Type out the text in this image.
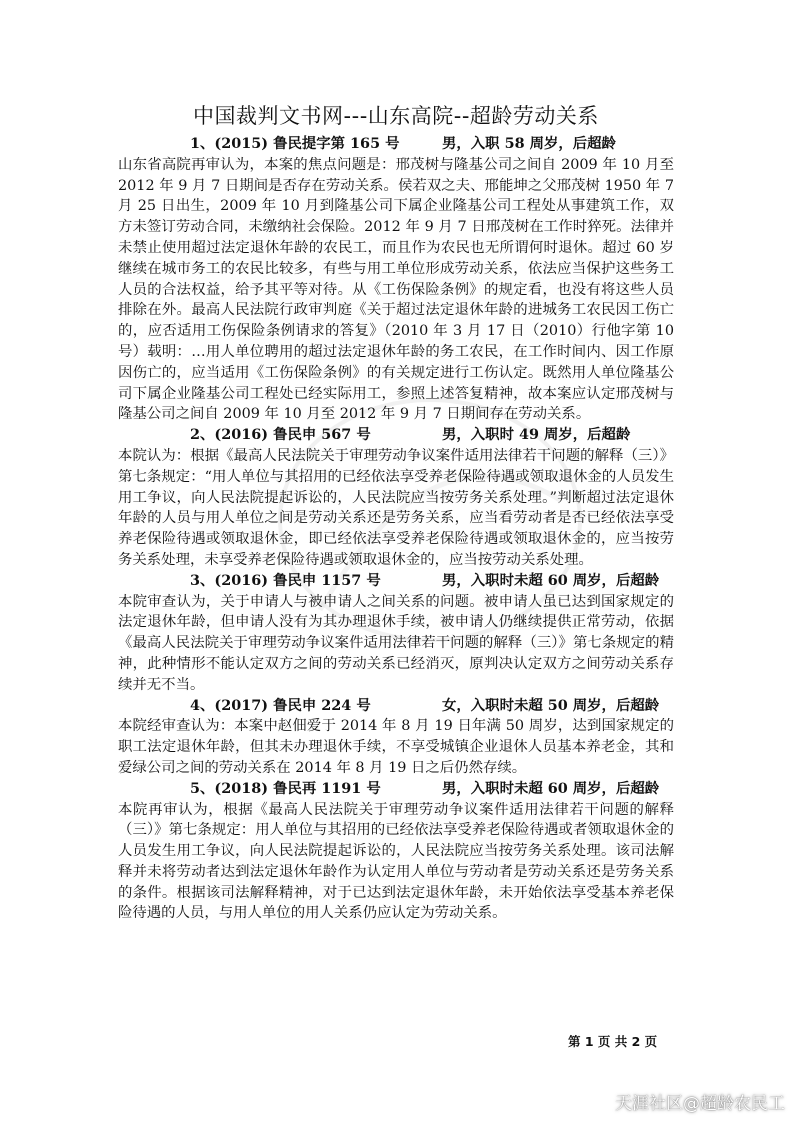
中国裁判文书网---山东高院--超龄劳动关系
1、(2015) 鲁民提字第 165 号	男，入职 58 周岁，后超龄

山东省高院再审认为，本案的焦点问题是：邢茂树与隆基公司之间自 2009 年 10 月至 2012 年 9 月 7 日期间是否存在劳动关系。侯若双之夫、邢能坤之父邢茂树 1950 年 7 月 25 日出生，2009 年 10 月到隆基公司下属企业隆基公司工程处从事建筑工作，双方未签订劳动合同，未缴纳社会保险。2012 年 9 月 7 日邢茂树在工作时猝死。法律并未禁止使用超过法定退休年龄的农民工，而且作为农民也无所谓何时退休。超过 60 岁继续在城市务工的农民比较多，有些与用工单位形成劳动关系，依法应当保护这些务工人员的合法权益，给予其平等对待。从《工伤保险条例》的规定看，也没有将这些人员排除在外。最高人民法院行政审判庭《关于超过法定退休年龄的进城务工农民因工伤亡的，应否适用工伤保险条例请求的答复》（2010 年 3 月 17 日（2010）行他字第 10 号）载明：…用人单位聘用的超过法定退休年龄的务工农民，在工作时间内、因工作原因伤亡的，应当适用《工伤保险条例》的有关规定进行工伤认定。既然用人单位隆基公司下属企业隆基公司工程处已经实际用工，参照上述答复精神，故本案应认定邢茂树与隆基公司之间自 2009 年 10 月至 2012 年 9 月 7 日期间存在劳动关系。

2、(2016) 鲁民申 567 号	男，入职时 49 周岁，后超龄

本院认为：根据《最高人民法院关于审理劳动争议案件适用法律若干问题的解释（三）》第七条规定：“用人单位与其招用的已经依法享受养老保险待遇或领取退休金的人员发生用工争议，向人民法院提起诉讼的，人民法院应当按劳务关系处理。”判断超过法定退休年龄的人员与用人单位之间是劳动关系还是劳务关系，应当看劳动者是否已经依法享受养老保险待遇或领取退休金，即已经依法享受养老保险待遇或领取退休金的，应当按劳务关系处理，未享受养老保险待遇或领取退休金的，应当按劳动关系处理。

3、(2016) 鲁民申 1157 号	男，入职时未超 60 周岁，后超龄

本院审查认为，关于申请人与被申请人之间关系的问题。被申请人虽已达到国家规定的法定退休年龄，但申请人没有为其办理退休手续，被申请人仍继续提供正常劳动，依据《最高人民法院关于审理劳动争议案件适用法律若干问题的解释（三）》第七条规定的精神，此种情形不能认定双方之间的劳动关系已经消灭，原判决认定双方之间劳动关系存续并无不当。

4、(2017) 鲁民申 224 号	女，入职时未超 50 周岁，后超龄

本院经审查认为：本案中赵佃爱于 2014 年 8 月 19 日年满 50 周岁，达到国家规定的职工法定退休年龄，但其未办理退休手续，不享受城镇企业退休人员基本养老金，其和爱绿公司之间的劳动关系在 2014 年 8 月 19 日之后仍然存续。

5、(2018) 鲁民再 1191 号	男，入职时未超 60 周岁，后超龄

本院再审认为，根据《最高人民法院关于审理劳动争议案件适用法律若干问题的解释（三）》第七条规定：用人单位与其招用的已经依法享受养老保险待遇或者领取退休金的人员发生用工争议，向人民法院提起诉讼的，人民法院应当按劳务关系处理。该司法解释并未将劳动者达到法定退休年龄作为认定用人单位与劳动者是劳动关系还是劳务关系的条件。根据该司法解释精神，对于已达到法定退休年龄，未开始依法享受基本养老保险待遇的人员，与用人单位的用人关系仍应认定为劳动关系。

第 1 页 共 2 页
天涯社区@超龄农民工
